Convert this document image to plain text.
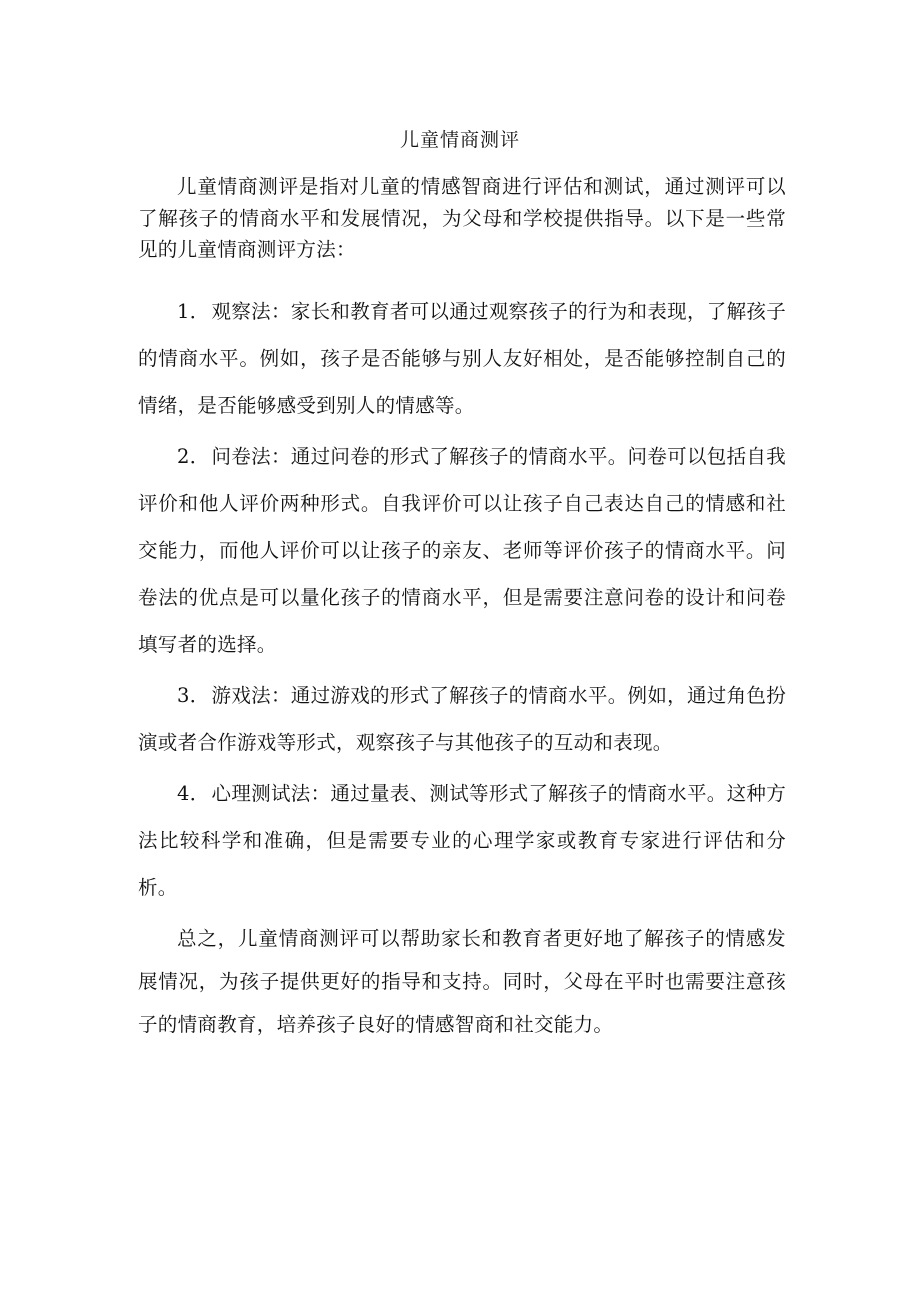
儿童情商测评

儿童情商测评是指对儿童的情感智商进行评估和测试，通过测评可以了解孩子的情商水平和发展情况，为父母和学校提供指导。以下是一些常见的儿童情商测评方法：

1． 观察法：家长和教育者可以通过观察孩子的行为和表现，了解孩子的情商水平。例如，孩子是否能够与别人友好相处，是否能够控制自己的情绪，是否能够感受到别人的情感等。

2． 问卷法：通过问卷的形式了解孩子的情商水平。问卷可以包括自我评价和他人评价两种形式。自我评价可以让孩子自己表达自己的情感和社交能力，而他人评价可以让孩子的亲友、老师等评价孩子的情商水平。问卷法的优点是可以量化孩子的情商水平，但是需要注意问卷的设计和问卷填写者的选择。

3． 游戏法：通过游戏的形式了解孩子的情商水平。例如，通过角色扮演或者合作游戏等形式，观察孩子与其他孩子的互动和表现。

4． 心理测试法：通过量表、测试等形式了解孩子的情商水平。这种方法比较科学和准确，但是需要专业的心理学家或教育专家进行评估和分析。

总之，儿童情商测评可以帮助家长和教育者更好地了解孩子的情感发展情况，为孩子提供更好的指导和支持。同时，父母在平时也需要注意孩子的情商教育，培养孩子良好的情感智商和社交能力。
